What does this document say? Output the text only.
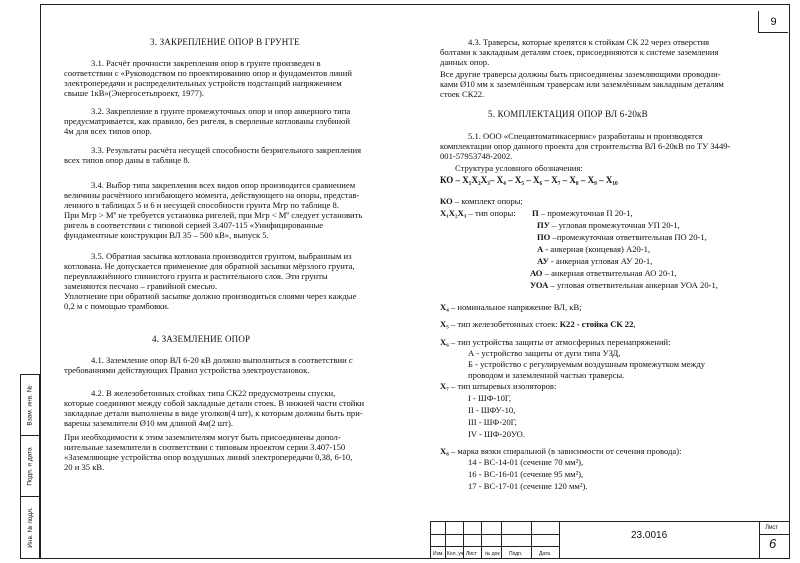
9
3. ЗАКРЕПЛЕНИЕ ОПОР В ГРУНТЕ
3.1. Расчёт прочности закрепления опор в грунте произведен в
соответствии с «Руководством по проектированию опор и фундаментов линий
электропередачи и распределительных устройств подстанций напряжением
свыше 1кВ»(Энергосетьпроект, 1977).
3.2. Закрепление в грунте промежуточных опор и опор анкерного типа
предусматривается, как правило, без ригеля, в сверленые котлованы глубиной
4м для всех типов опор.
3.3. Результаты расчёта несущей способности безригельного закрепления
всех типов опор даны в таблице 8.
3.4. Выбор типа закрепления всех видов опор производится сравнением
величины расчётного изгибающего момента, действующего на опоры, представ-
ленного в таблицах 5 и 6 и несущей способности грунта Мгр по таблице 8.
При Мгр > Мº не требуется установка ригелей, при Мгр < Мº следует установить
ригель в соответствии с типовой серией 3.407-115 «Унифицированные
фундаментные конструкции ВЛ 35 – 500 кВ», выпуск 5.
3.5. Обратная засыпка котлована производится грунтом, выбранным из
котлована. Не допускается применение для обратной засыпки мёрзлого грунта,
переувлажнённого глинистого грунта и растительного слоя. Эти грунты
заменяются песчано – гравийной смесью.
Уплотнение при обратной засыпке должно производиться слоями через каждые
0,2 м с помощью трамбовки.
4. ЗАЗЕМЛЕНИЕ ОПОР
4.1. Заземление опор ВЛ 6-20 кВ должно выполняться в соответствии с
требованиями действующих Правил устройства электроустановок.
4.2. В железобетонных стойках типа СК22 предусмотрены спуски,
которые соединяют между собой закладные детали стоек. В нижней части стойки
закладные детали выполнены в виде уголков(4 шт), к которым должны быть при-
варены заземлители Ø10 мм длиной 4м(2 шт).
При необходимости к этим заземлителям могут быть присоединены допол-
нительные заземлители в соответствии с типовым проектом серии 3.407-150
«Заземляющие устройства опор воздушных линий электропередачи 0,38, 6-10,
20 и 35 кВ.
4.3. Траверсы, которые крепятся к стойкам СК 22 через отверстия
болтами к закладным деталям стоек, присоединяются к системе заземления
данных опор.
Все другие траверсы должны быть присоединены заземляющими проводни-
ками Ø10 мм к заземлённым траверсам или заземлённым закладным деталям
стоек СК22.
5. КОМПЛЕКТАЦИЯ ОПОР ВЛ 6-20кВ
5.1. ООО «Спецавтоматикасервис» разработаны и производятся
комплектации опор данного проекта для строительства ВЛ 6-20кВ по ТУ 3449-
001-57953748-2002.
Структура условного обозначения:
КО – Х₁Х₂Х₃– Х₄ – Х₅ – Х₆ – Х₇ – Х₈ – Х₉ – Х₁₀
КО – комплект опоры;
Х₁Х₂Х₃ – тип опоры: П – промежуточная П 20-1,
ПУ – угловая промежуточная УП 20-1,
ПО –промежуточная ответвительная ПО 20-1,
А - анкерная (концевая) А20-1,
АУ - анкерная угловая АУ 20-1,
АО – анкерная ответвительная АО 20-1,
УОА – угловая ответвительная анкерная УОА 20-1,
Х₄ – номинальное напряжение ВЛ, кВ;
Х₅ – тип железобетонных стоек: К22 - стойка СК 22,
Х₆ – тип устройства защиты от атмосферных перенапряжений:
А - устройство защиты от дуги типа УЗД,
Б - устройство с регулируемым воздушным промежутком между
проводом и заземленной частью траверсы.
Х₇ – тип штыревых изоляторов:
I - ШФ-10Г,
II - ШФУ-10,
III - ШФ-20Г,
IV - ШФ-20УО.
Х₈ – марка вязки спиральной (в зависимости от сечения провода):
14 - ВС-14-01 (сечение 70 мм²),
16 - ВС-16-01 (сечение 95 мм²),
17 - ВС-17-01 (сечение 120 мм²).
Взам. инв. №
Подп. и дата
Инв. № подл.
Изм. Кол. уч Лист № док Подп.	Дата
23.0016
Лист
6
